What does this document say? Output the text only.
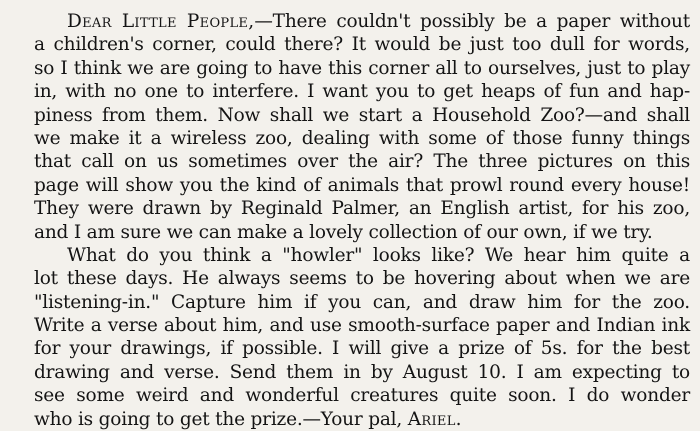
Dear Little People,—There couldn't possibly be a paper without
a children's corner, could there? It would be just too dull for words,
so I think we are going to have this corner all to ourselves, just to play
in, with no one to interfere. I want you to get heaps of fun and hap-
piness from them. Now shall we start a Household Zoo?—and shall
we make it a wireless zoo, dealing with some of those funny things
that call on us sometimes over the air? The three pictures on this
page will show you the kind of animals that prowl round every house!
They were drawn by Reginald Palmer, an English artist, for his zoo,
and I am sure we can make a lovely collection of our own, if we try.
What do you think a "howler" looks like? We hear him quite a
lot these days. He always seems to be hovering about when we are
"listening-in." Capture him if you can, and draw him for the zoo.
Write a verse about him, and use smooth-surface paper and Indian ink
for your drawings, if possible. I will give a prize of 5s. for the best
drawing and verse. Send them in by August 10. I am expecting to
see some weird and wonderful creatures quite soon. I do wonder
who is going to get the prize.—Your pal, Ariel.
